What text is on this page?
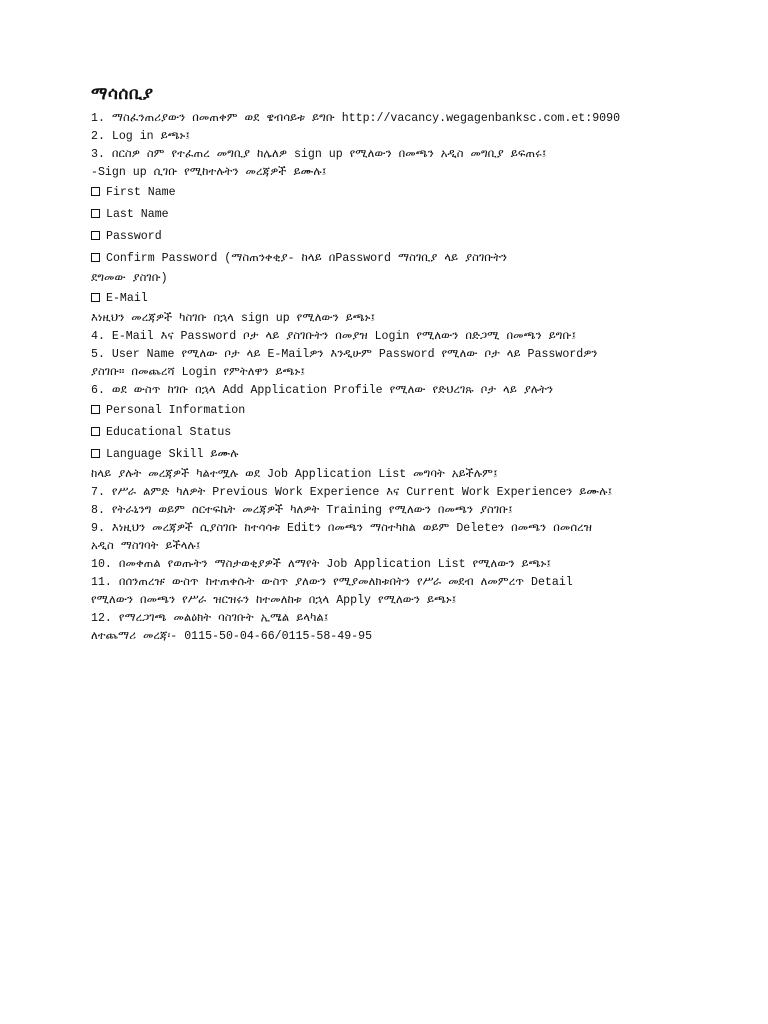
ማሳሰቢያ
1. ማስፈንጠሪያውን በመጠቀም ወደ ዌብሳይቱ ይግቡ http://vacancy.wegagenbanksc.com.et:9090
2. Log in ይጫኑ፤
3. በርስዎ ስም የተፈጠረ መግቢያ ከሌለዎ sign up የሚለውን በመጫን አዲስ መግቢያ ይፍጠሩ፤
-Sign up ሲገቡ የሚከተሉትን መረጃዎች ይሙሉ፤
First Name
Last Name
Password
Confirm Password (ማስጠንቀቂያ- ከላይ በPassword ማስገቢያ ላይ ያስገቡትን
ደግመው ያስገቡ)
E-Mail
እነዚህን መረጃዎች ካስገቡ በኋላ sign up የሚለውን ይጫኑ፤
4. E-Mail እና Password ቦታ ላይ ያስገቡትን በመያዝ Login የሚለውን በድጋሚ በመጫን ይግቡ፤
5. User Name የሚለው ቦታ ላይ E-Mailዎን እንዲሁም Password የሚለው ቦታ ላይ Passwordዎን
ያስገቡ። በመጨረሻ Login የምትለዋን ይጫኑ፤
6. ወደ ውስጥ ከገቡ በኋላ Add Application Profile የሚለው የድህረገጹ ቦታ ላይ ያሉትን
Personal Information
Educational Status
Language Skill ይሙሉ
ከላይ ያሉት መረጃዎች ካልተሟሉ ወደ Job Application List መግባት አይችሉም፤
7. የሥራ ልምድ ካለዎት Previous Work Experience እና Current Work Experienceን ይሙሉ፤
8. የትራኒንግ ወይም ሰርተፍኬት መረጃዎች ካለዎት Training የሚለውን በመጫን ያስገቡ፤
9. እነዚህን መረጃዎች ሲያስገቡ ከተሳሳቱ Editን በመጫን ማስተካከል ወይም Deleteን በመጫን በመሰረዝ
አዲስ ማስገባት ይችላሉ፤
10. በመቀጠል የወጡትን ማስታወቂያዎች ለማየት Job Application List የሚለውን ይጫኑ፤
11. በሰንጠረዡ ውስጥ ከተጠቀሱት ውስጥ ያለውን የሚያመለክቱበትን የሥራ መደብ ለመምረጥ Detail
የሚለውን በመጫን የሥራ ዝርዝሩን ከተመለከቱ በኋላ Apply የሚለውን ይጫኑ፤
12. የማረጋገጫ መልዕክት ባስገቡት ኢሜል ይላካል፤
ለተጨማሪ መረጃ፡- 0115-50-04-66/0115-58-49-95
